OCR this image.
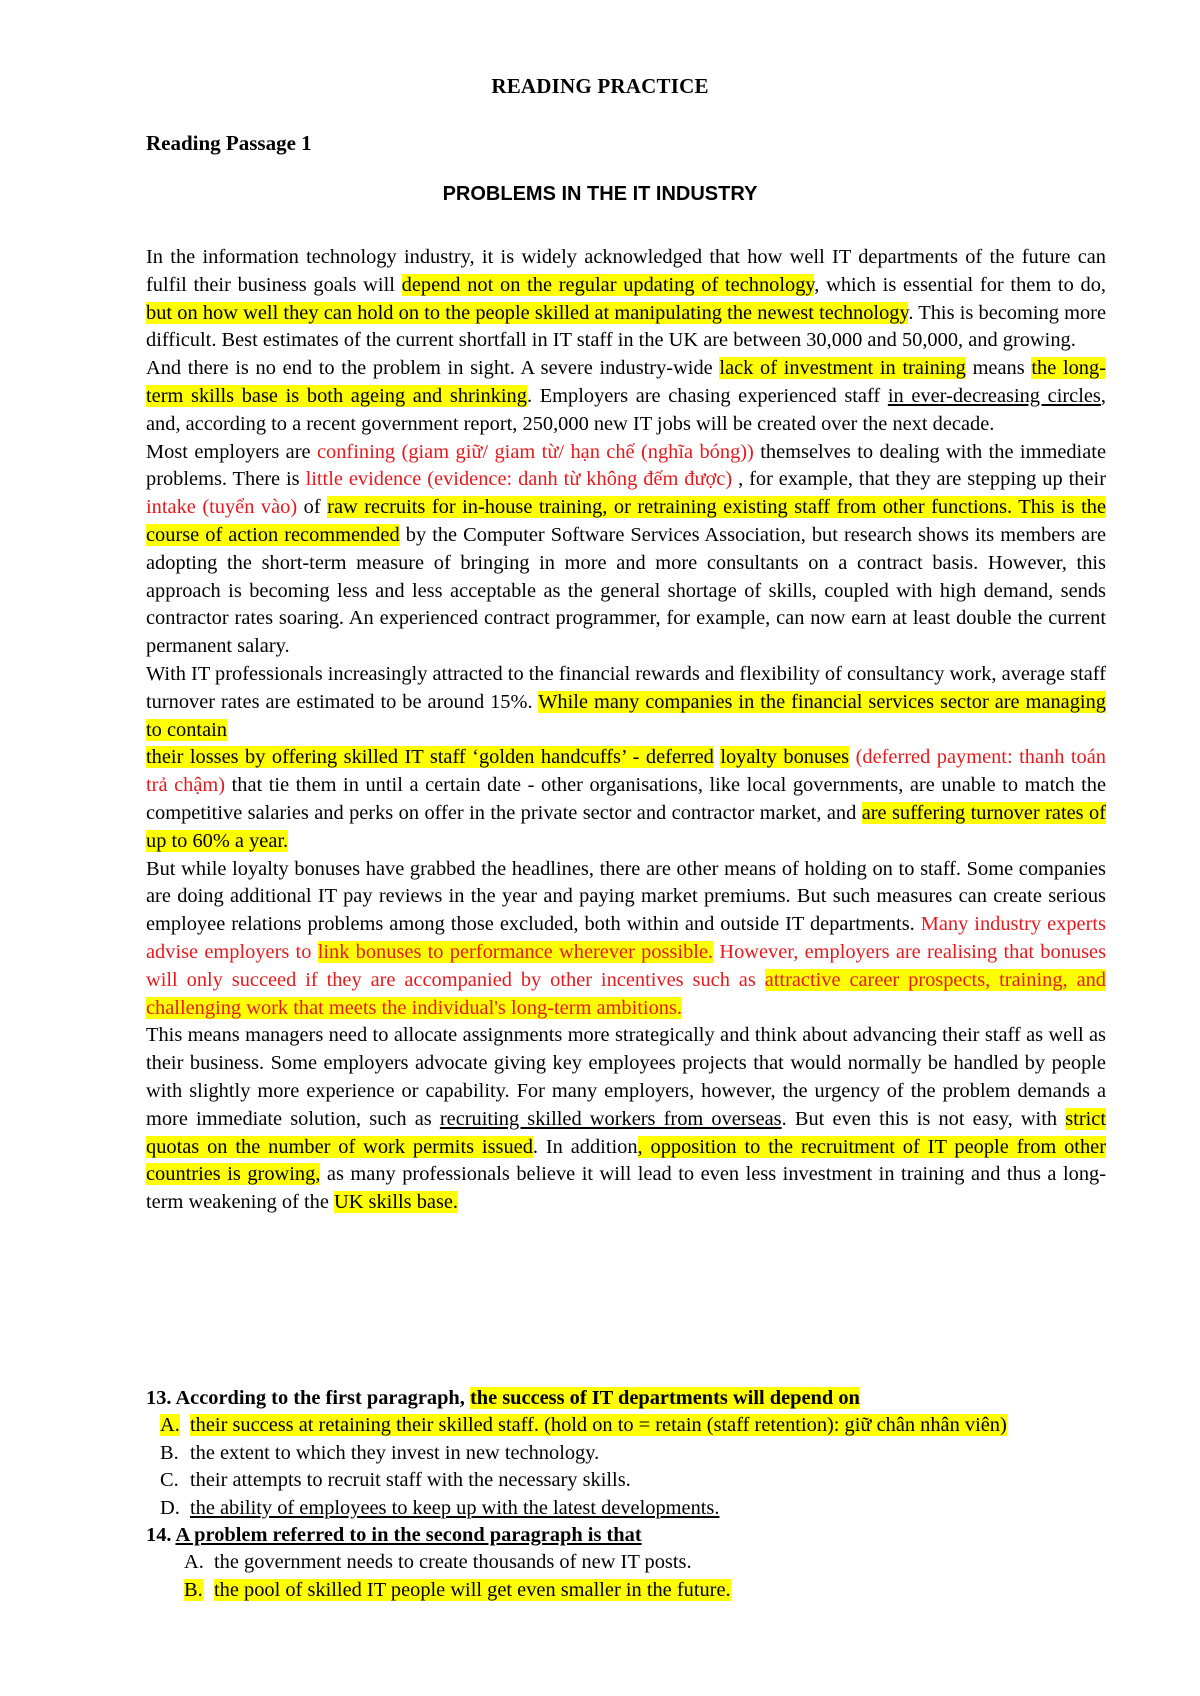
READING PRACTICE
Reading Passage 1
PROBLEMS IN THE IT INDUSTRY

In the information technology industry, it is widely acknowledged that how well IT departments of the future can fulfil their business goals will depend not on the regular updating of technology, which is essential for them to do, but on how well they can hold on to the people skilled at manipulating the newest technology. This is becoming more difficult. Best estimates of the current shortfall in IT staff in the UK are between 30,000 and 50,000, and growing.

And there is no end to the problem in sight. A severe industry-wide lack of investment in training means the long-term skills base is both ageing and shrinking. Employers are chasing experienced staff in ever-decreasing circles, and, according to a recent government report, 250,000 new IT jobs will be created over the next decade.

Most employers are confining (giam giữ/ giam từ/ hạn chế (nghĩa bóng)) themselves to dealing with the immediate problems. There is little evidence (evidence: danh từ không đếm được) , for example, that they are stepping up their intake (tuyển vào) of raw recruits for in-house training, or retraining existing staff from other functions. This is the course of action recommended by the Computer Software Services Association, but research shows its members are adopting the short-term measure of bringing in more and more consultants on a contract basis. However, this approach is becoming less and less acceptable as the general shortage of skills, coupled with high demand, sends contractor rates soaring. An experienced contract programmer, for example, can now earn at least double the current permanent salary.

With IT professionals increasingly attracted to the financial rewards and flexibility of consultancy work, average staff turnover rates are estimated to be around 15%. While many companies in the financial services sector are managing to contain
their losses by offering skilled IT staff ‘golden handcuffs’ - deferred loyalty bonuses (deferred payment: thanh toán trả chậm) that tie them in until a certain date - other organisations, like local governments, are unable to match the competitive salaries and perks on offer in the private sector and contractor market, and are suffering turnover rates of up to 60% a year.

But while loyalty bonuses have grabbed the headlines, there are other means of holding on to staff. Some companies are doing additional IT pay reviews in the year and paying market premiums. But such measures can create serious employee relations problems among those excluded, both within and outside IT departments. Many industry experts advise employers to link bonuses to performance wherever possible. However, employers are realising that bonuses will only succeed if they are accompanied by other incentives such as attractive career prospects, training, and challenging work that meets the individual's long-term ambitions.

This means managers need to allocate assignments more strategically and think about advancing their staff as well as their business. Some employers advocate giving key employees projects that would normally be handled by people with slightly more experience or capability. For many employers, however, the urgency of the problem demands a more immediate solution, such as recruiting skilled workers from overseas. But even this is not easy, with strict quotas on the number of work permits issued. In addition, opposition to the recruitment of IT people from other countries is growing, as many professionals believe it will lead to even less investment in training and thus a long-term weakening of the UK skills base.

13. According to the first paragraph, the success of IT departments will depend on
A. their success at retaining their skilled staff. (hold on to = retain (staff retention): giữ chân nhân viên)
B. the extent to which they invest in new technology.
C. their attempts to recruit staff with the necessary skills.
D. the ability of employees to keep up with the latest developments.
14. A problem referred to in the second paragraph is that
A. the government needs to create thousands of new IT posts.
B. the pool of skilled IT people will get even smaller in the future.
